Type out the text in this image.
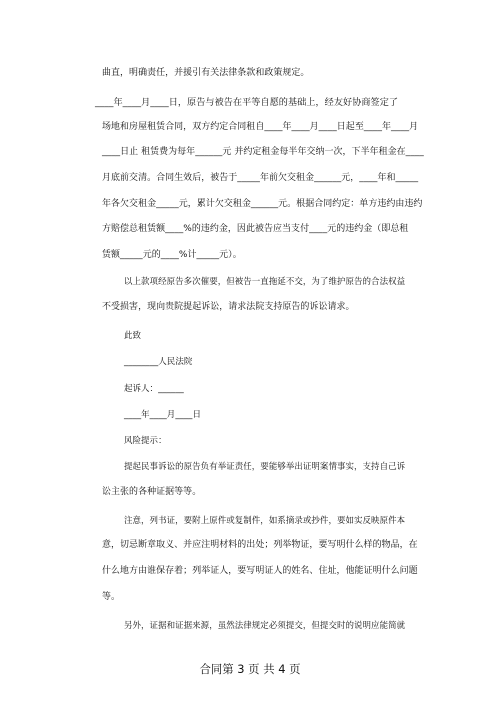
曲直，明确责任，并援引有关法律条款和政策规定。
____年____月____日，原告与被告在平等自愿的基础上，经友好协商签定了
场地和房屋租赁合同，双方约定合同租自____年____月____日起至____年____月
____日止 租赁费为每年______元 并约定租金每半年交纳一次，下半年租金在____
月底前交清。合同生效后，被告于_____年前欠交租金______元，____年和_____
年各欠交租金_____元，累计欠交租金______元。根据合同约定：单方违约由违约
方赔偿总租赁额____%的违约金，因此被告应当支付____元的违约金（即总租
赁额_____元的____%计_____元）。
以上款项经原告多次催要，但被告一直拖延不交，为了维护原告的合法权益
不受损害，现向贵院提起诉讼，请求法院支持原告的诉讼请求。
此致
________人民法院
起诉人：______
____年____月____日
风险提示：
提起民事诉讼的原告负有举证责任，要能够举出证明案情事实，支持自己诉
讼主张的各种证据等等。
注意，列书证，要附上原件或复制件，如系摘录或抄件，要如实反映原件本
意，切忌断章取义、并应注明材料的出处；列举物证，要写明什么样的物品，在
什么地方由谁保存着；列举证人，要写明证人的姓名、住址，他能证明什么问题
等。
另外，证据和证据来源，虽然法律规定必须提交，但提交时的说明应能简就
合同第 3 页 共 4 页
